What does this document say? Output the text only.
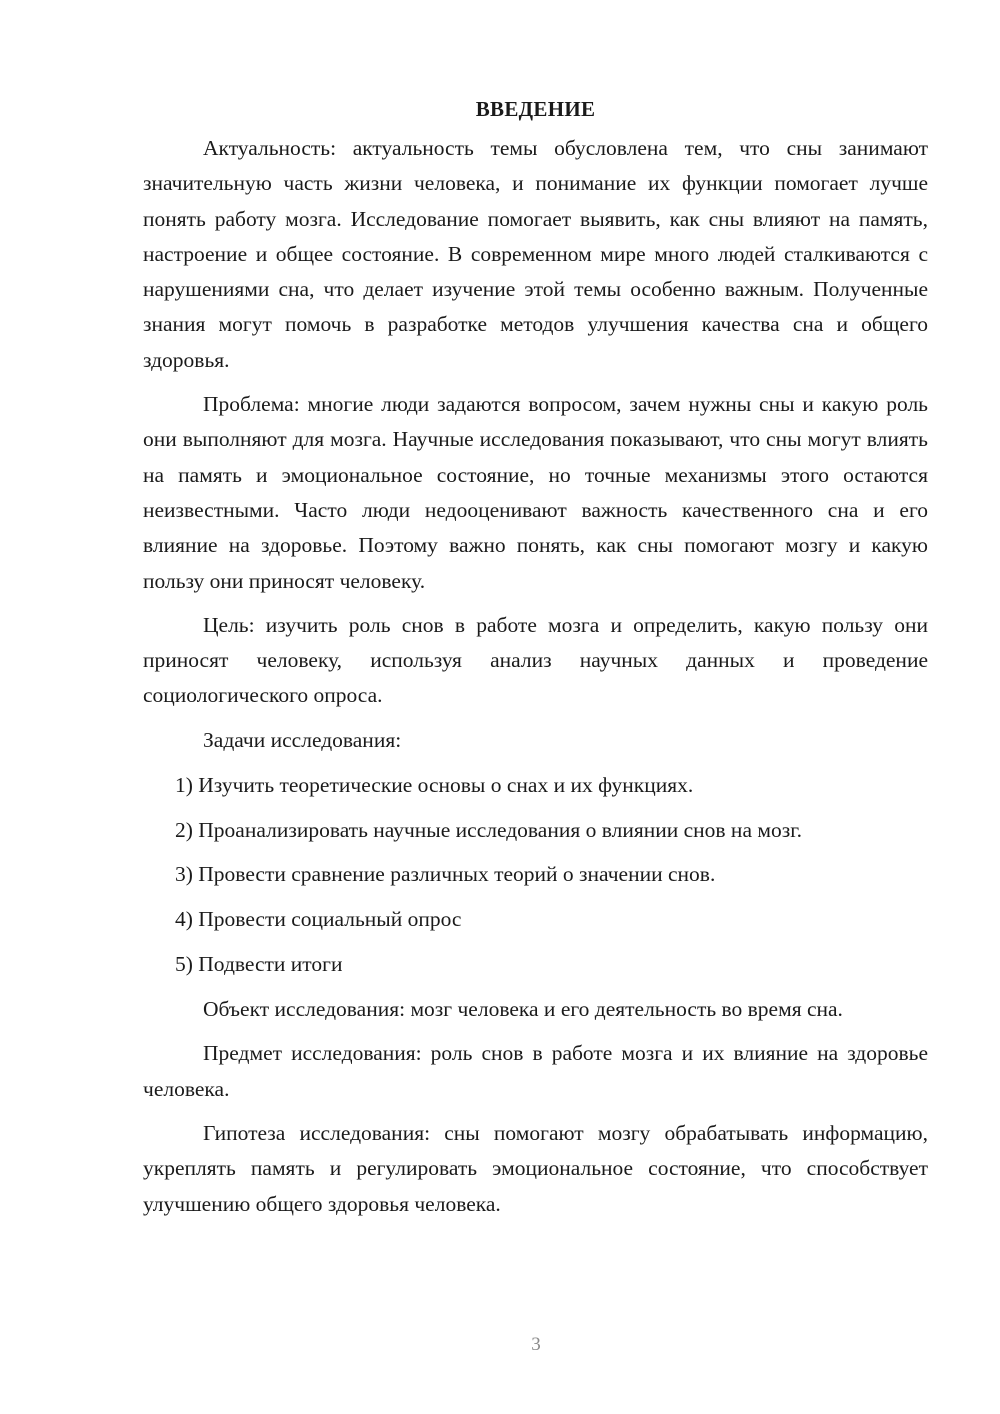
ВВЕДЕНИЕ

Актуальность: актуальность темы обусловлена тем, что сны занимают значительную часть жизни человека, и понимание их функции помогает лучше понять работу мозга. Исследование помогает выявить, как сны влияют на память, настроение и общее состояние. В современном мире много людей сталкиваются с нарушениями сна, что делает изучение этой темы особенно важным. Полученные знания могут помочь в разработке методов улучшения качества сна и общего здоровья.

Проблема: многие люди задаются вопросом, зачем нужны сны и какую роль они выполняют для мозга. Научные исследования показывают, что сны могут влиять на память и эмоциональное состояние, но точные механизмы этого остаются неизвестными. Часто люди недооценивают важность качественного сна и его влияние на здоровье. Поэтому важно понять, как сны помогают мозгу и какую пользу они приносят человеку.

Цель: изучить роль снов в работе мозга и определить, какую пользу они приносят человеку, используя анализ научных данных и проведение социологического опроса.

Задачи исследования:

1) Изучить теоретические основы о снах и их функциях.
2) Проанализировать научные исследования о влиянии снов на мозг.
3) Провести сравнение различных теорий о значении снов.
4) Провести социальный опрос
5) Подвести итоги

Объект исследования: мозг человека и его деятельность во время сна.

Предмет исследования: роль снов в работе мозга и их влияние на здоровье человека.

Гипотеза исследования: сны помогают мозгу обрабатывать информацию, укреплять память и регулировать эмоциональное состояние, что способствует улучшению общего здоровья человека.

3
